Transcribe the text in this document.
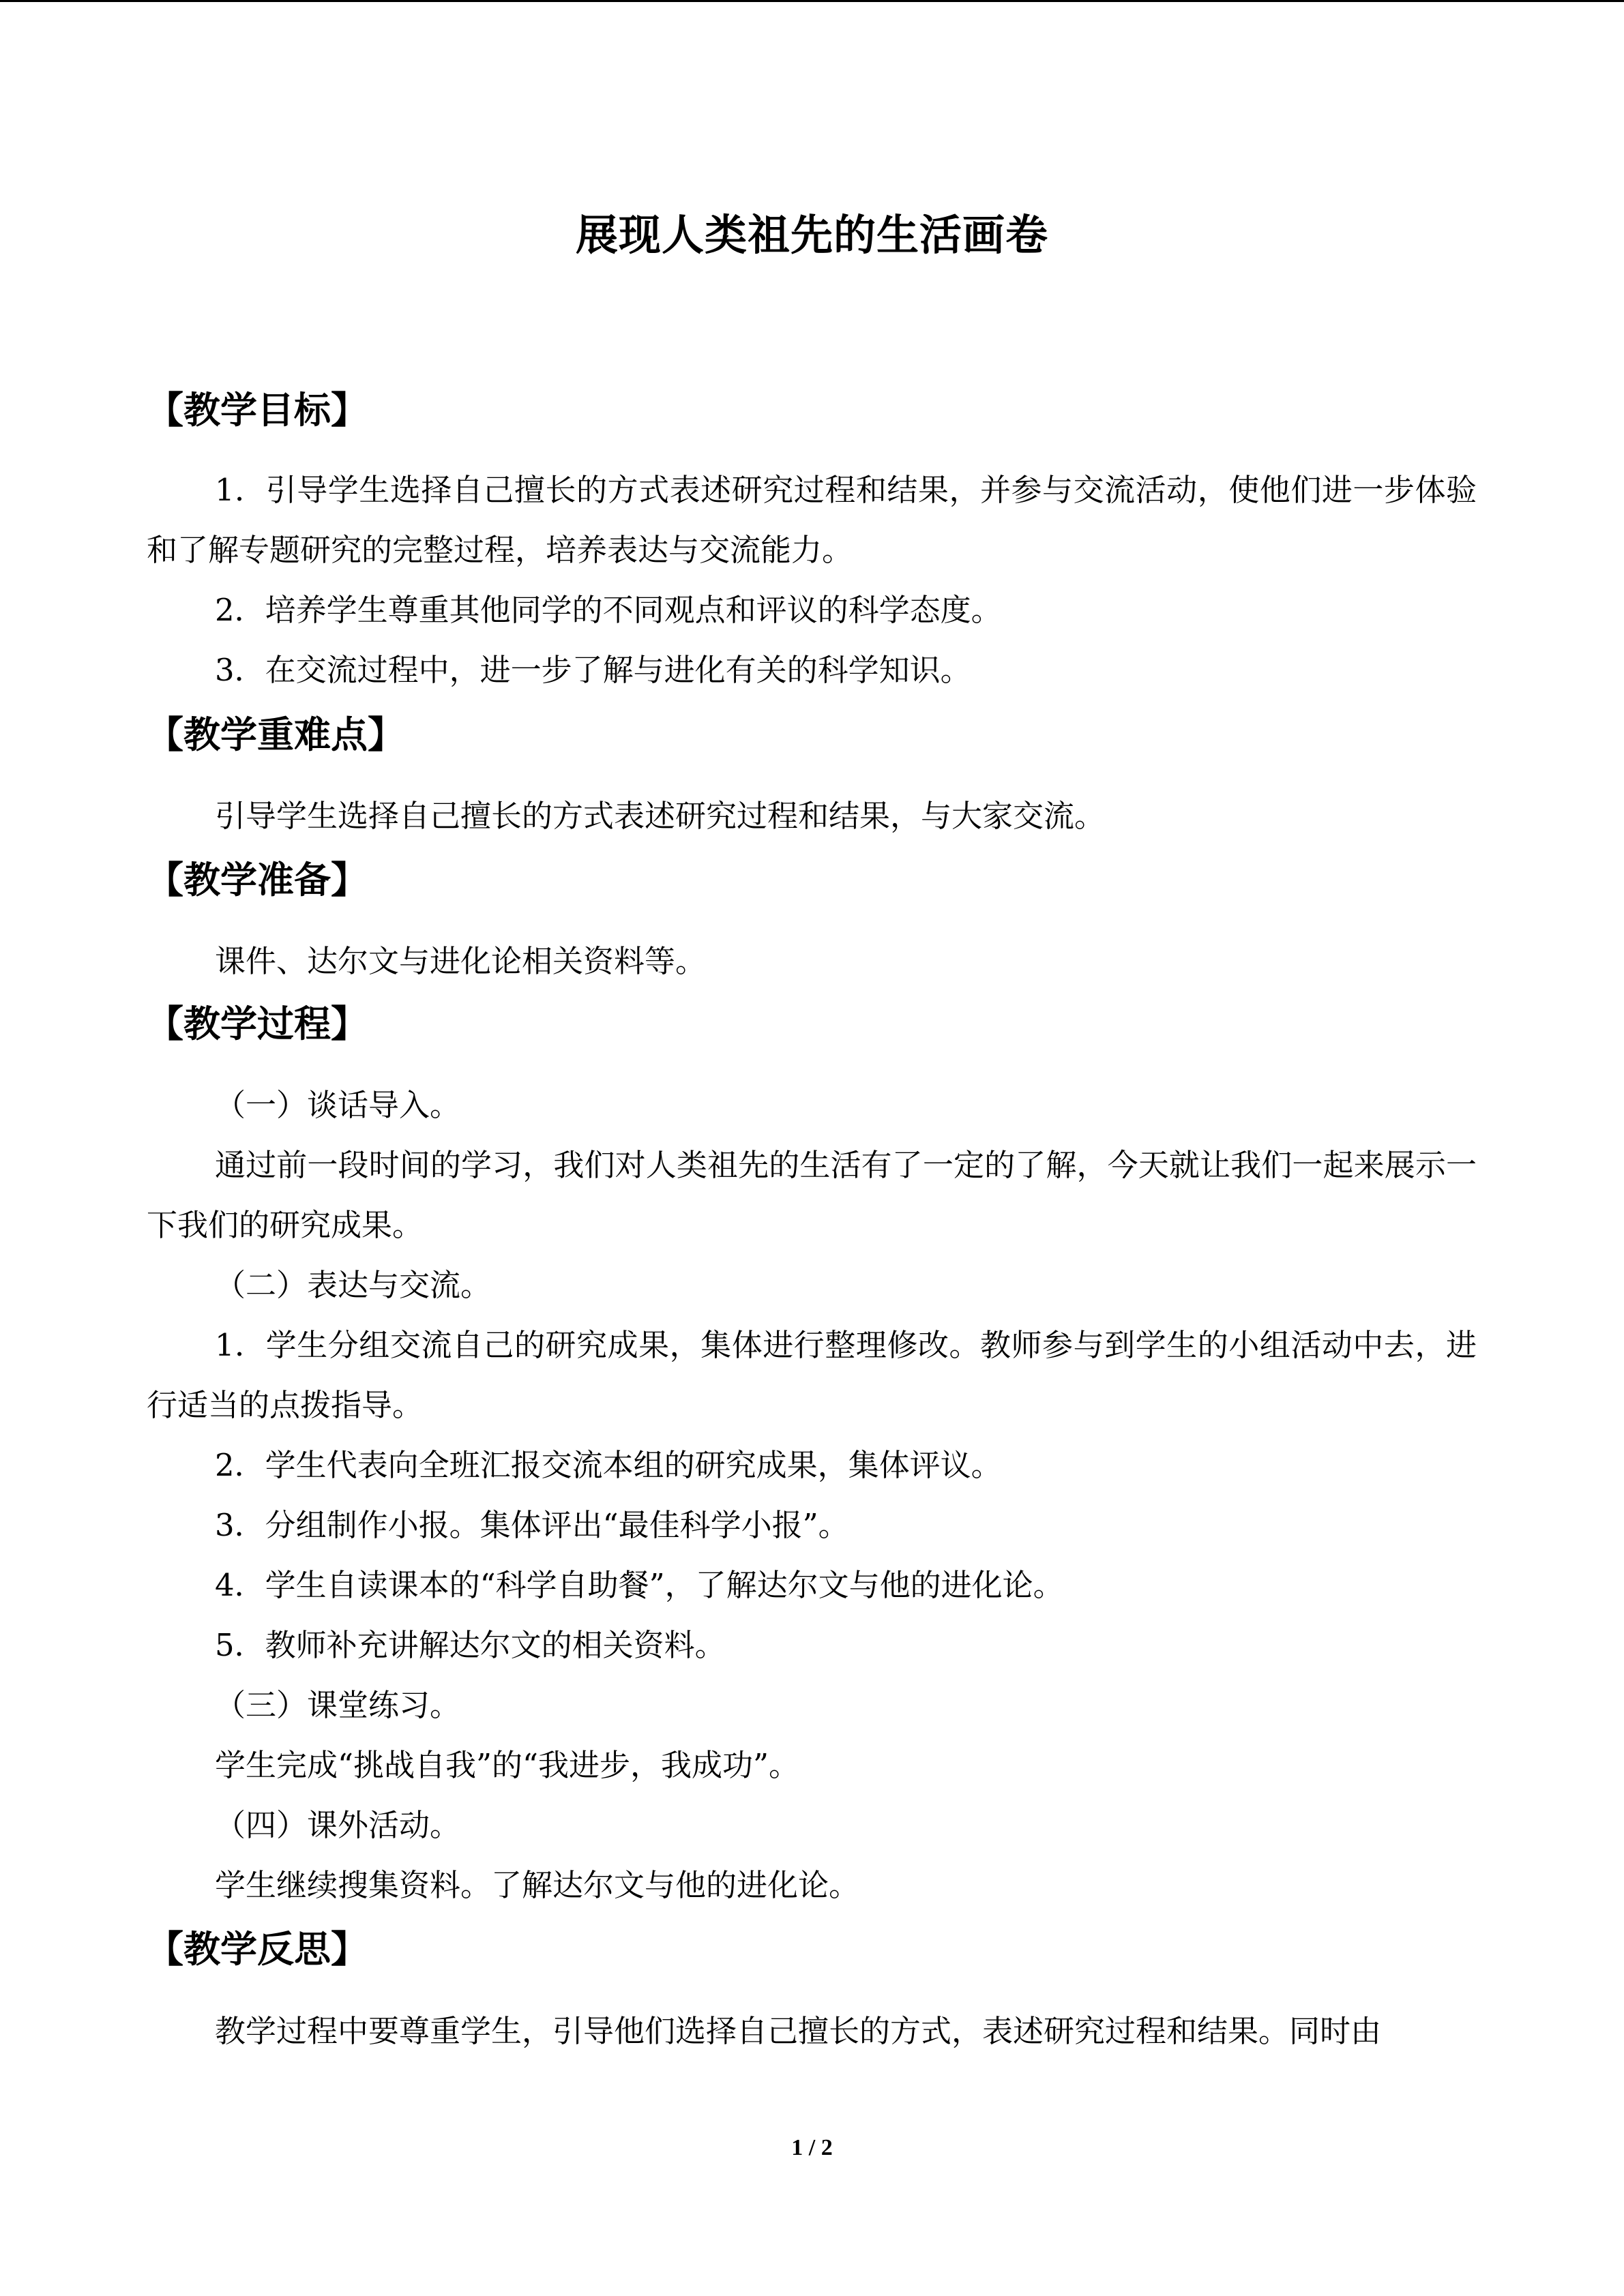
展现人类祖先的生活画卷
【教学目标】

1．引导学生选择自己擅长的方式表述研究过程和结果，并参与交流活动，使他们进一步体验和了解专题研究的完整过程，培养表达与交流能力。

2．培养学生尊重其他同学的不同观点和评议的科学态度。

3．在交流过程中，进一步了解与进化有关的科学知识。

【教学重难点】

引导学生选择自己擅长的方式表述研究过程和结果，与大家交流。

【教学准备】

课件、达尔文与进化论相关资料等。

【教学过程】

（一）谈话导入。

通过前一段时间的学习，我们对人类祖先的生活有了一定的了解，今天就让我们一起来展示一下我们的研究成果。

（二）表达与交流。

1．学生分组交流自己的研究成果，集体进行整理修改。教师参与到学生的小组活动中去，进行适当的点拨指导。

2．学生代表向全班汇报交流本组的研究成果，集体评议。

3．分组制作小报。集体评出“最佳科学小报”。

4．学生自读课本的“科学自助餐”，了解达尔文与他的进化论。

5．教师补充讲解达尔文的相关资料。

（三）课堂练习。

学生完成“挑战自我”的“我进步，我成功”。

（四）课外活动。

学生继续搜集资料。了解达尔文与他的进化论。

【教学反思】

教学过程中要尊重学生，引导他们选择自己擅长的方式，表述研究过程和结果。同时由

1 / 2
